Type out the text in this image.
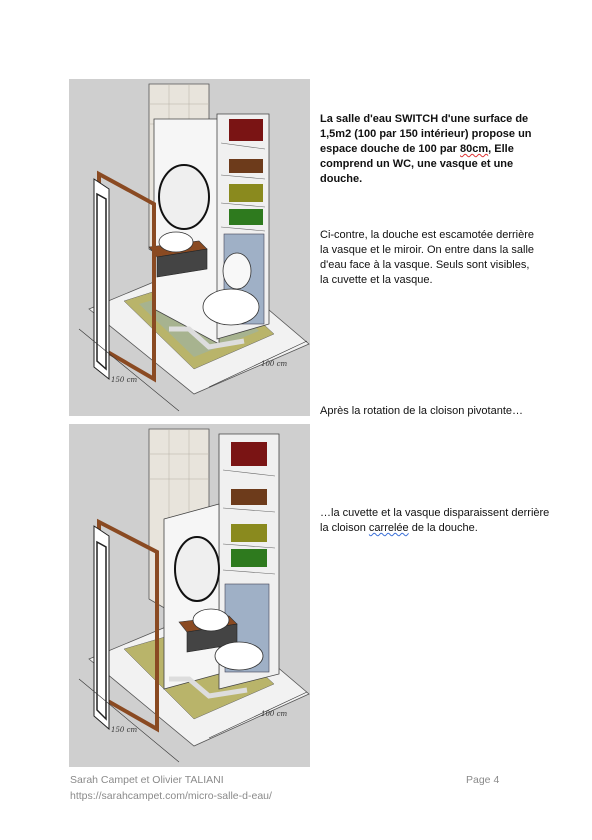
150 cm
100 cm
150 cm
100 cm
La salle d'eau SWITCH d'une surface de 1,5m2 (100 par 150 intérieur) propose un espace douche de 100 par 80cm, Elle comprend un WC, une vasque et une douche.
Ci-contre, la douche est escamotée derrière la vasque et le miroir. On entre dans la salle d'eau face à la vasque. Seuls sont visibles, la cuvette et la vasque.
Après la rotation de la cloison pivotante…
…la cuvette et la vasque disparaissent derrière la cloison carrelée de la douche.
Sarah Campet et Olivier TALIANI
https://sarahcampet.com/micro-salle-d-eau/
Page 4
